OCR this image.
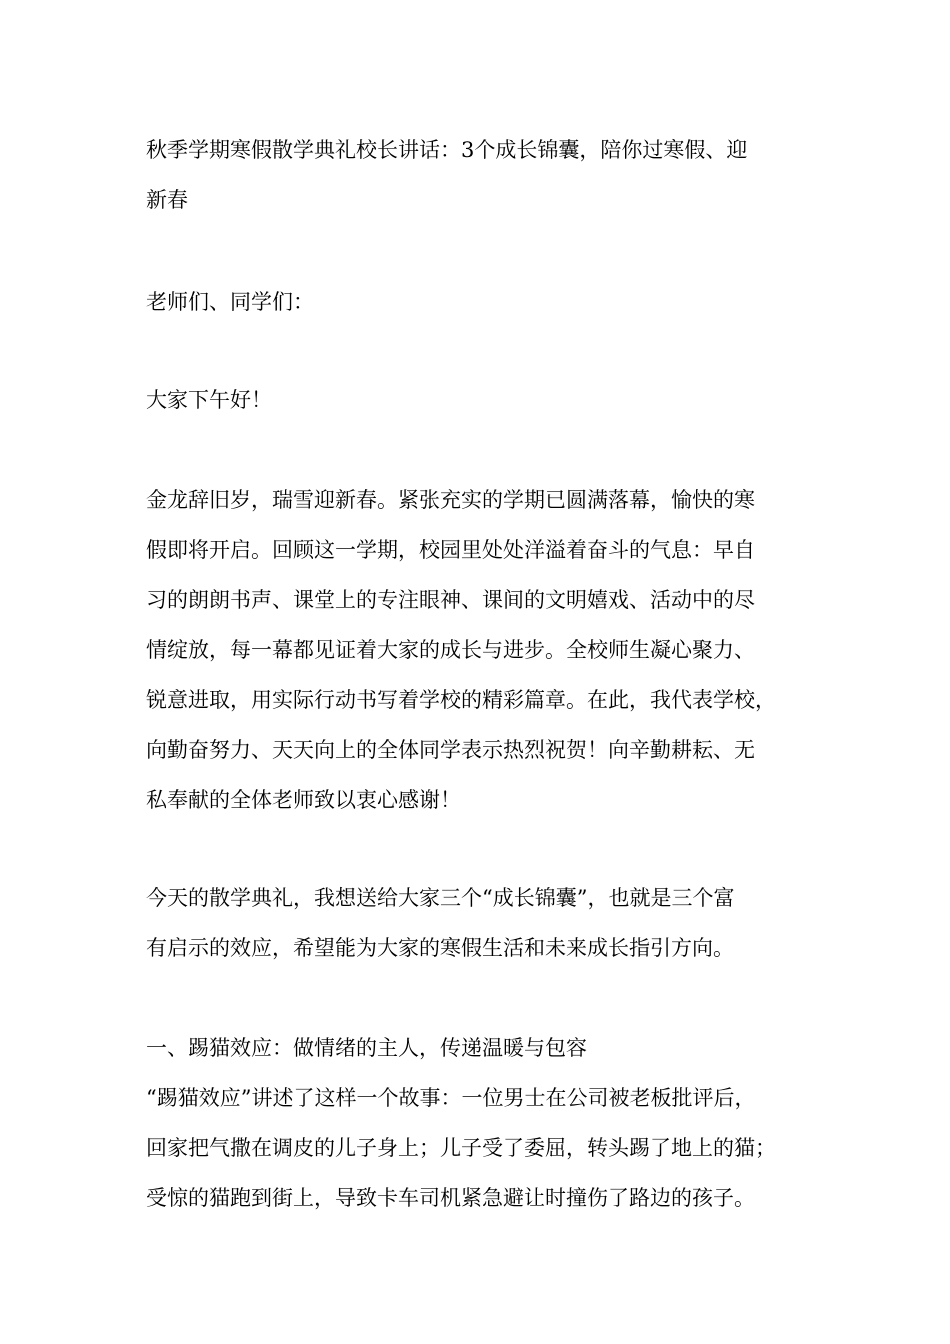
秋季学期寒假散学典礼校长讲话：3个成长锦囊，陪你过寒假、迎
新春
老师们、同学们：
大家下午好！
金龙辞旧岁，瑞雪迎新春。紧张充实的学期已圆满落幕，愉快的寒
假即将开启。回顾这一学期，校园里处处洋溢着奋斗的气息：早自
习的朗朗书声、课堂上的专注眼神、课间的文明嬉戏、活动中的尽
情绽放，每一幕都见证着大家的成长与进步。全校师生凝心聚力、
锐意进取，用实际行动书写着学校的精彩篇章。在此，我代表学校，
向勤奋努力、天天向上的全体同学表示热烈祝贺！向辛勤耕耘、无
私奉献的全体老师致以衷心感谢！
今天的散学典礼，我想送给大家三个“成长锦囊”，也就是三个富
有启示的效应，希望能为大家的寒假生活和未来成长指引方向。
一、踢猫效应：做情绪的主人，传递温暖与包容
“踢猫效应”讲述了这样一个故事：一位男士在公司被老板批评后，
回家把气撒在调皮的儿子身上；儿子受了委屈，转头踢了地上的猫；
受惊的猫跑到街上，导致卡车司机紧急避让时撞伤了路边的孩子。
